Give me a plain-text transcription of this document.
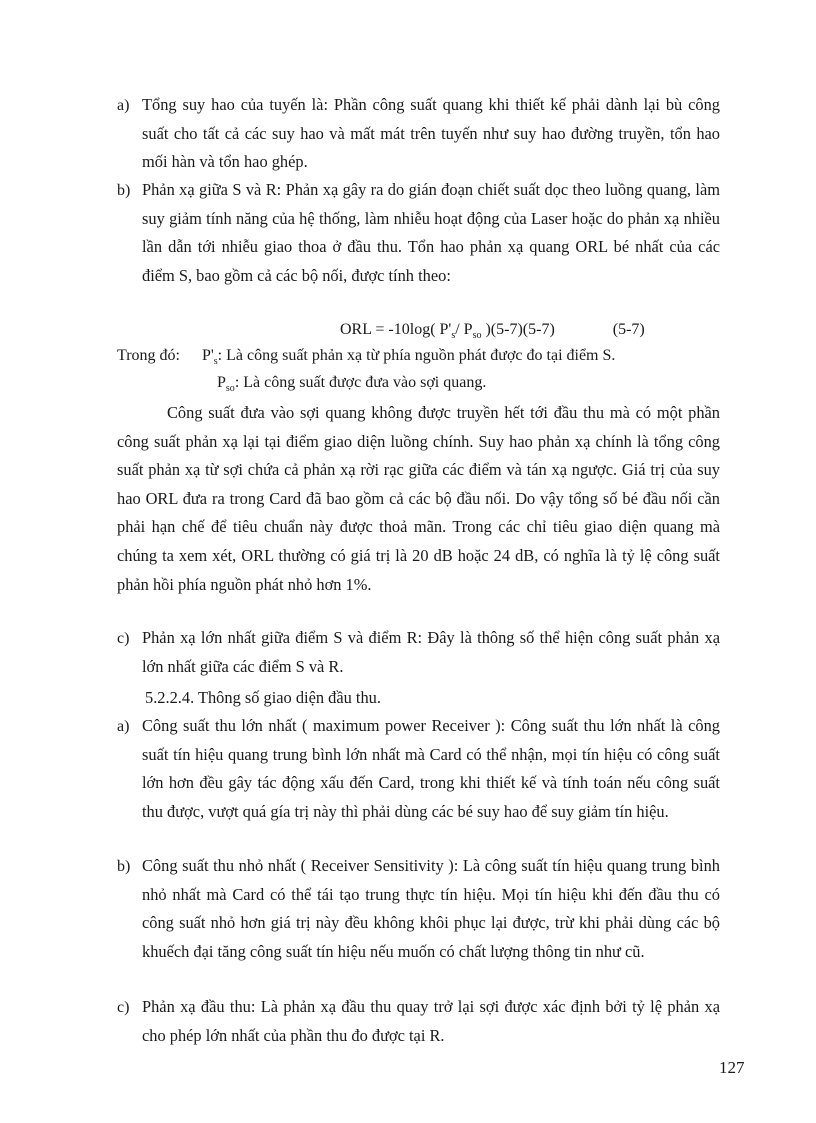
a) Tổng suy hao của tuyến là: Phần công suất quang khi thiết kế phải dành lại bù công suất cho tất cả các suy hao và mất mát trên tuyến như suy hao đường truyền, tổn hao mối hàn và tổn hao ghép.
b) Phản xạ giữa S và R: Phản xạ gây ra do gián đoạn chiết suất dọc theo luồng quang, làm suy giảm tính năng của hệ thống, làm nhiễu hoạt động của Laser hoặc do phản xạ nhiều lần dẫn tới nhiễu giao thoa ở đầu thu. Tổn hao phản xạ quang ORL bé nhất của các điểm S, bao gồm cả các bộ nối, được tính theo:
ORL = -10log( $P'_s/$ $P_{so}$ )(5-7)(5-7)	(5-7)
Trong đó: $P'_s$: Là công suất phản xạ từ phía nguồn phát được đo tại điểm S.
$P_{so}$: Là công suất được đưa vào sợi quang.
Công suất đưa vào sợi quang không được truyền hết tới đầu thu mà có một phần công suất phản xạ lại tại điểm giao diện luồng chính. Suy hao phản xạ chính là tổng công suất phản xạ từ sợi chứa cả phản xạ rời rạc giữa các điểm và tán xạ ngược. Giá trị của suy hao ORL đưa ra trong Card đã bao gồm cả các bộ đầu nối. Do vậy tổng số bé đầu nối cần phải hạn chế để tiêu chuẩn này được thoả mãn. Trong các chỉ tiêu giao diện quang mà chúng ta xem xét, ORL thường có giá trị là 20 dB hoặc 24 dB, có nghĩa là tỷ lệ công suất phản hồi phía nguồn phát nhỏ hơn 1%.
c) Phản xạ lớn nhất giữa điểm S và điểm R: Đây là thông số thể hiện công suất phản xạ lớn nhất giữa các điểm S và R.
5.2.2.4. Thông số giao diện đầu thu.
a) Công suất thu lớn nhất ( maximum power Receiver ): Công suất thu lớn nhất là công suất tín hiệu quang trung bình lớn nhất mà Card có thể nhận, mọi tín hiệu có công suất lớn hơn đều gây tác động xấu đến Card, trong khi thiết kế và tính toán nếu công suất thu được, vượt quá gía trị này thì phải dùng các bé suy hao để suy giảm tín hiệu.
b) Công suất thu nhỏ nhất ( Receiver Sensitivity ): Là công suất tín hiệu quang trung bình nhỏ nhất mà Card có thể tái tạo trung thực tín hiệu. Mọi tín hiệu khi đến đầu thu có công suất nhỏ hơn giá trị này đều không khôi phục lại được, trừ khi phải dùng các bộ khuếch đại tăng công suất tín hiệu nếu muốn có chất lượng thông tin như cũ.
c) Phản xạ đầu thu: Là phản xạ đầu thu quay trở lại sợi được xác định bởi tỷ lệ phản xạ cho phép lớn nhất của phần thu đo được tại R.
127
